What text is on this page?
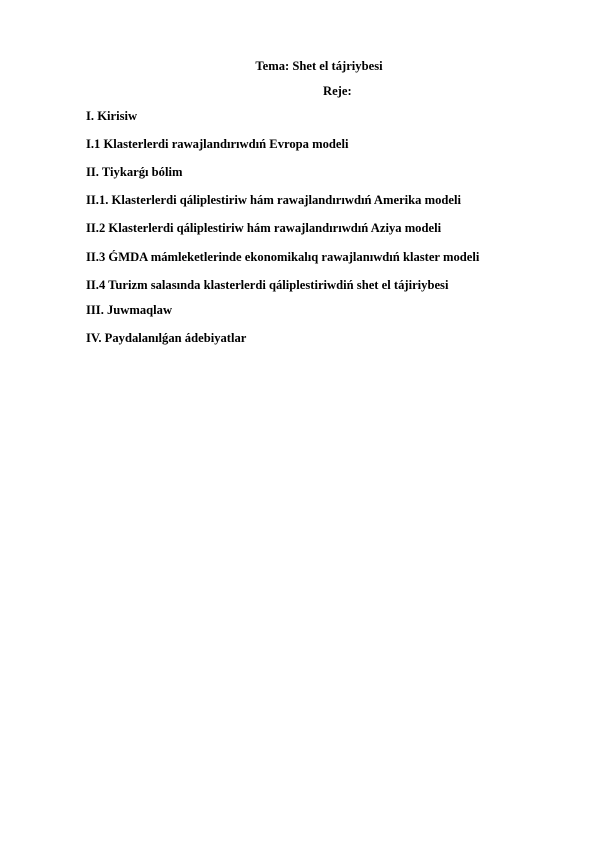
Tema: Shet el tájriybesi
Reje:
I. Kirisiw
I.1 Klasterlerdi rawajlandırıwdıń Evropa modeli
II. Tiykarǵı bólim
II.1. Klasterlerdi qáliplestiriw hám rawajlandırıwdıń Amerika modeli
II.2 Klasterlerdi qáliplestiriw hám rawajlandırıwdıń Aziya modeli
II.3 ǴMDA mámleketlerinde ekonomikalıq rawajlanıwdıń klaster modeli
II.4 Turizm salasında klasterlerdi qáliplestiriwdiń shet el tájiriybesi
III. Juwmaqlaw
IV. Paydalanılǵan ádebiyatlar
